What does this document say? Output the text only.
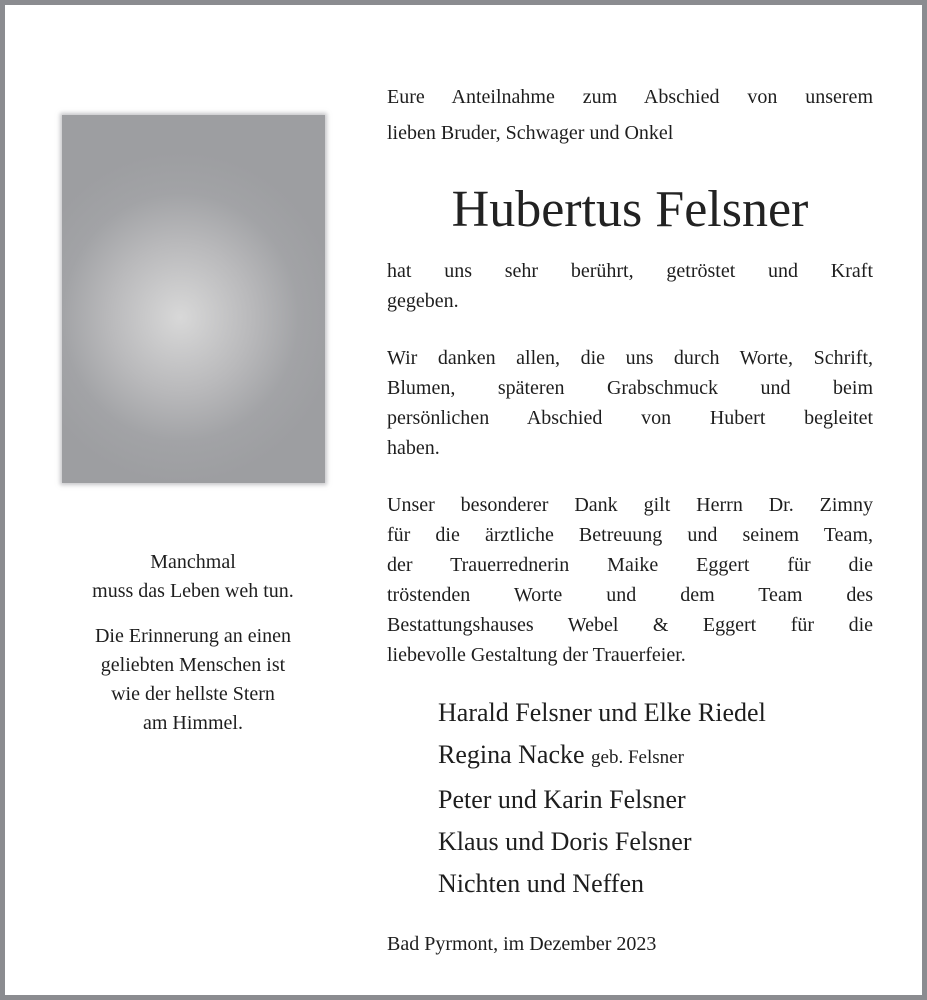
Eure Anteilnahme zum Abschied von unserem
lieben Bruder, Schwager und Onkel
Hubertus Felsner
hat uns sehr berührt, getröstet und Kraft
gegeben.
Wir danken allen, die uns durch Worte, Schrift,
Blumen, späteren Grabschmuck und beim
persönlichen Abschied von Hubert begleitet
haben.
Unser besonderer Dank gilt Herrn Dr. Zimny
für die ärztliche Betreuung und seinem Team,
der Trauerrednerin Maike Eggert für die
tröstenden Worte und dem Team des
Bestattungshauses Webel & Eggert für die
liebevolle Gestaltung der Trauerfeier.
Manchmal
muss das Leben weh tun.
Die Erinnerung an einen
geliebten Menschen ist
wie der hellste Stern
am Himmel.	Harald Felsner und Elke Riedel
Regina Nacke geb. Felsner
Peter und Karin Felsner
Klaus und Doris Felsner
Nichten und Neffen
Bad Pyrmont, im Dezember 2023
